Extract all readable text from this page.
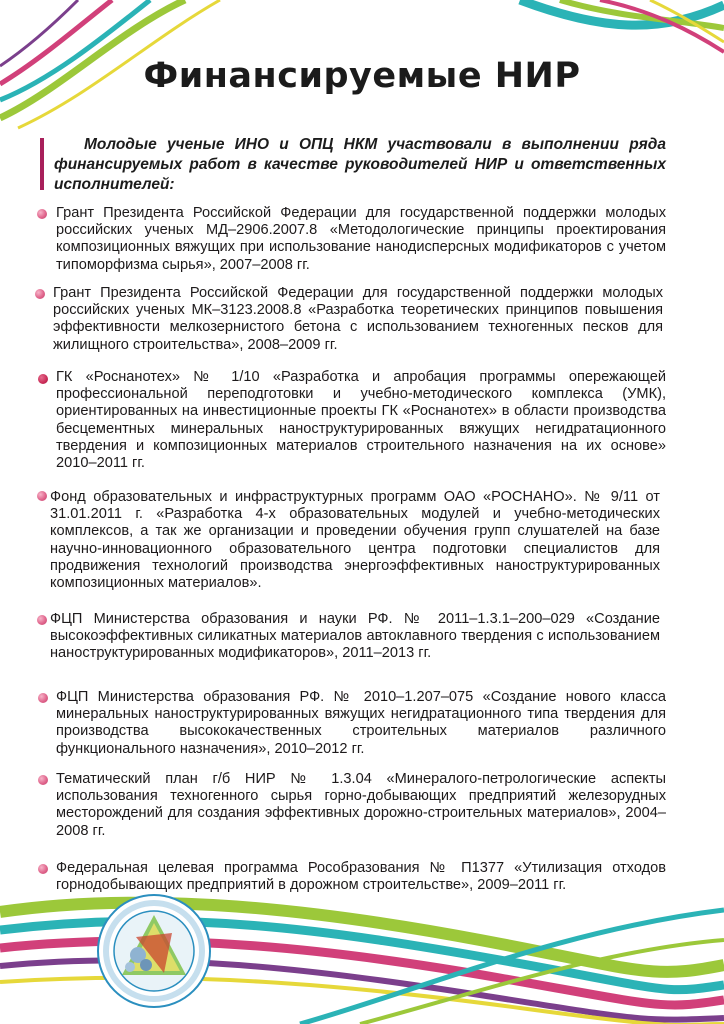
Финансируемые НИР
Молодые ученые ИНО и ОПЦ НКМ участвовали в выполнении ряда финансируемых работ в качестве руководителей НИР и ответственных исполнителей:
Грант Президента Российской Федерации для государственной поддержки молодых российских ученых МД–2906.2007.8 «Методологические принципы проектирования композиционных вяжущих при использование нанодисперсных модификаторов с учетом типоморфизма сырья», 2007–2008 гг.
Грант Президента Российской Федерации для государственной поддержки молодых российских ученых МК–3123.2008.8 «Разработка теоретических принципов повышения эффективности мелкозернистого бетона с использованием техногенных песков для жилищного строительства», 2008–2009 гг.
ГК «Роснанотех» № 1/10 «Разработка и апробация программы опережающей профессиональной переподготовки и учебно-методического комплекса (УМК), ориентированных на инвестиционные проекты ГК «Роснанотех» в области производства бесцементных минеральных наноструктурированных вяжущих негидратационного твердения и композиционных материалов строительного назначения на их основе» 2010–2011 гг.
Фонд образовательных и инфраструктурных программ ОАО «РОСНАНО». № 9/11 от 31.01.2011 г. «Разработка 4-х образовательных модулей и учебно-методических комплексов, а так же организации и проведении обучения групп слушателей на базе научно-инновационного образовательного центра подготовки специалистов для продвижения технологий производства энергоэффективных наноструктурированных композиционных материалов».
ФЦП Министерства образования и науки РФ. № 2011–1.3.1–200–029 «Создание высокоэффективных силикатных материалов автоклавного твердения с использованием наноструктурированных модификаторов», 2011–2013 гг.
ФЦП Министерства образования РФ. № 2010–1.207–075 «Создание нового класса минеральных наноструктурированных вяжущих негидратационного типа твердения для производства высококачественных строительных материалов различного функционального назначения», 2010–2012 гг.
Тематический план г/б НИР № 1.3.04 «Минералого-петрологические аспекты использования техногенного сырья горно-добывающих предприятий железорудных месторождений для создания эффективных дорожно-строительных материалов», 2004–2008 гг.
Федеральная целевая программа Рособразования № П1377 «Утилизация отходов горнодобывающих предприятий в дорожном строительстве», 2009–2011 гг.
